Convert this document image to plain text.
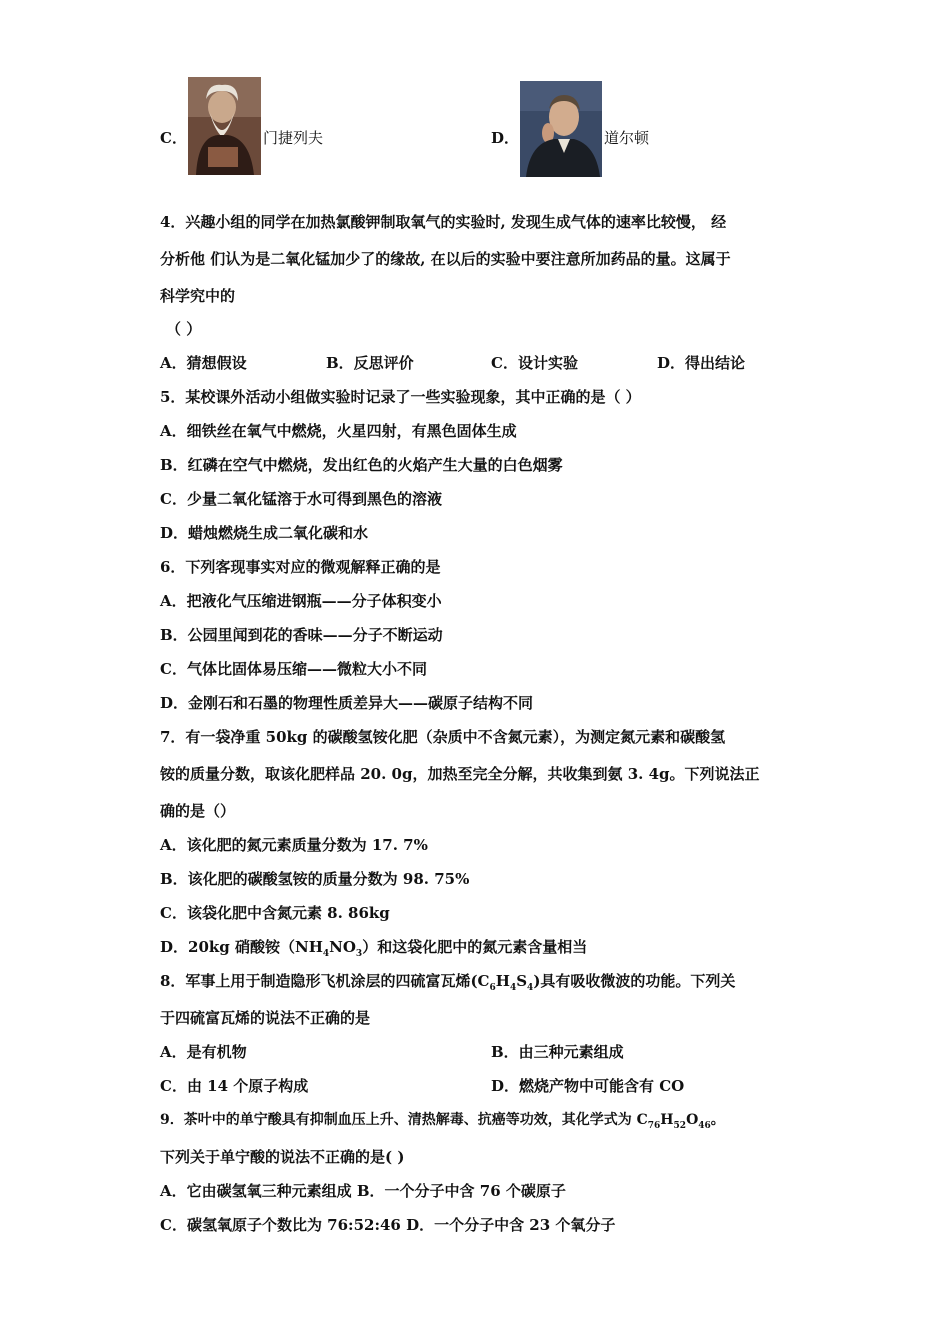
C．	门捷列夫	D．	道尔顿
4．兴趣小组的同学在加热氯酸钾制取氧气的实验时, 发现生成气体的速率比较慢， 经
分析他 们认为是二氧化锰加少了的缘故, 在以后的实验中要注意所加药品的量。这属于
科学究中的
（ ）
A．猜想假设	B．反思评价	C．设计实验	D．得出结论
5．某校课外活动小组做实验时记录了一些实验现象，其中正确的是（ ）
A．细铁丝在氧气中燃烧，火星四射，有黑色固体生成
B．红磷在空气中燃烧，发出红色的火焰产生大量的白色烟雾
C．少量二氧化锰溶于水可得到黑色的溶液
D．蜡烛燃烧生成二氧化碳和水
6．下列客现事实对应的微观解释正确的是
A．把液化气压缩进钢瓶——分子体积变小
B．公园里闻到花的香味——分子不断运动
C．气体比固体易压缩——微粒大小不同
D．金刚石和石墨的物理性质差异大——碳原子结构不同
7．有一袋净重 50kg 的碳酸氢铵化肥（杂质中不含氮元素），为测定氮元素和碳酸氢
铵的质量分数，取该化肥样品 20. 0g，加热至完全分解，共收集到氨 3. 4g。下列说法正
确的是（）
A．该化肥的氮元素质量分数为 17. 7%
B．该化肥的碳酸氢铵的质量分数为 98. 75%
C．该袋化肥中含氮元素 8. 86kg
D．20kg 硝酸铵$(NH_4NO_3)$和这袋化肥中的氮元素含量相当
8．军事上用于制造隐形飞机涂层的四硫富瓦烯$(C_6H_4S_4)$具有吸收微波的功能。下列关
于四硫富瓦烯的说法不正确的是
A．是有机物	B．由三种元素组成
C．由 14 个原子构成	D．燃烧产物中可能含有 CO
9．茶叶中的单宁酸具有抑制血压上升、清热解毒、抗癌等功效，其化学式为 $C_{76}H_{52}O_{46}$。
下列关于单宁酸的说法不正确的是( )
A．它由碳氢氧三种元素组成 B．一个分子中含 76 个碳原子
C．碳氢氧原子个数比为 76:52:46 D．一个分子中含 23 个氧分子
